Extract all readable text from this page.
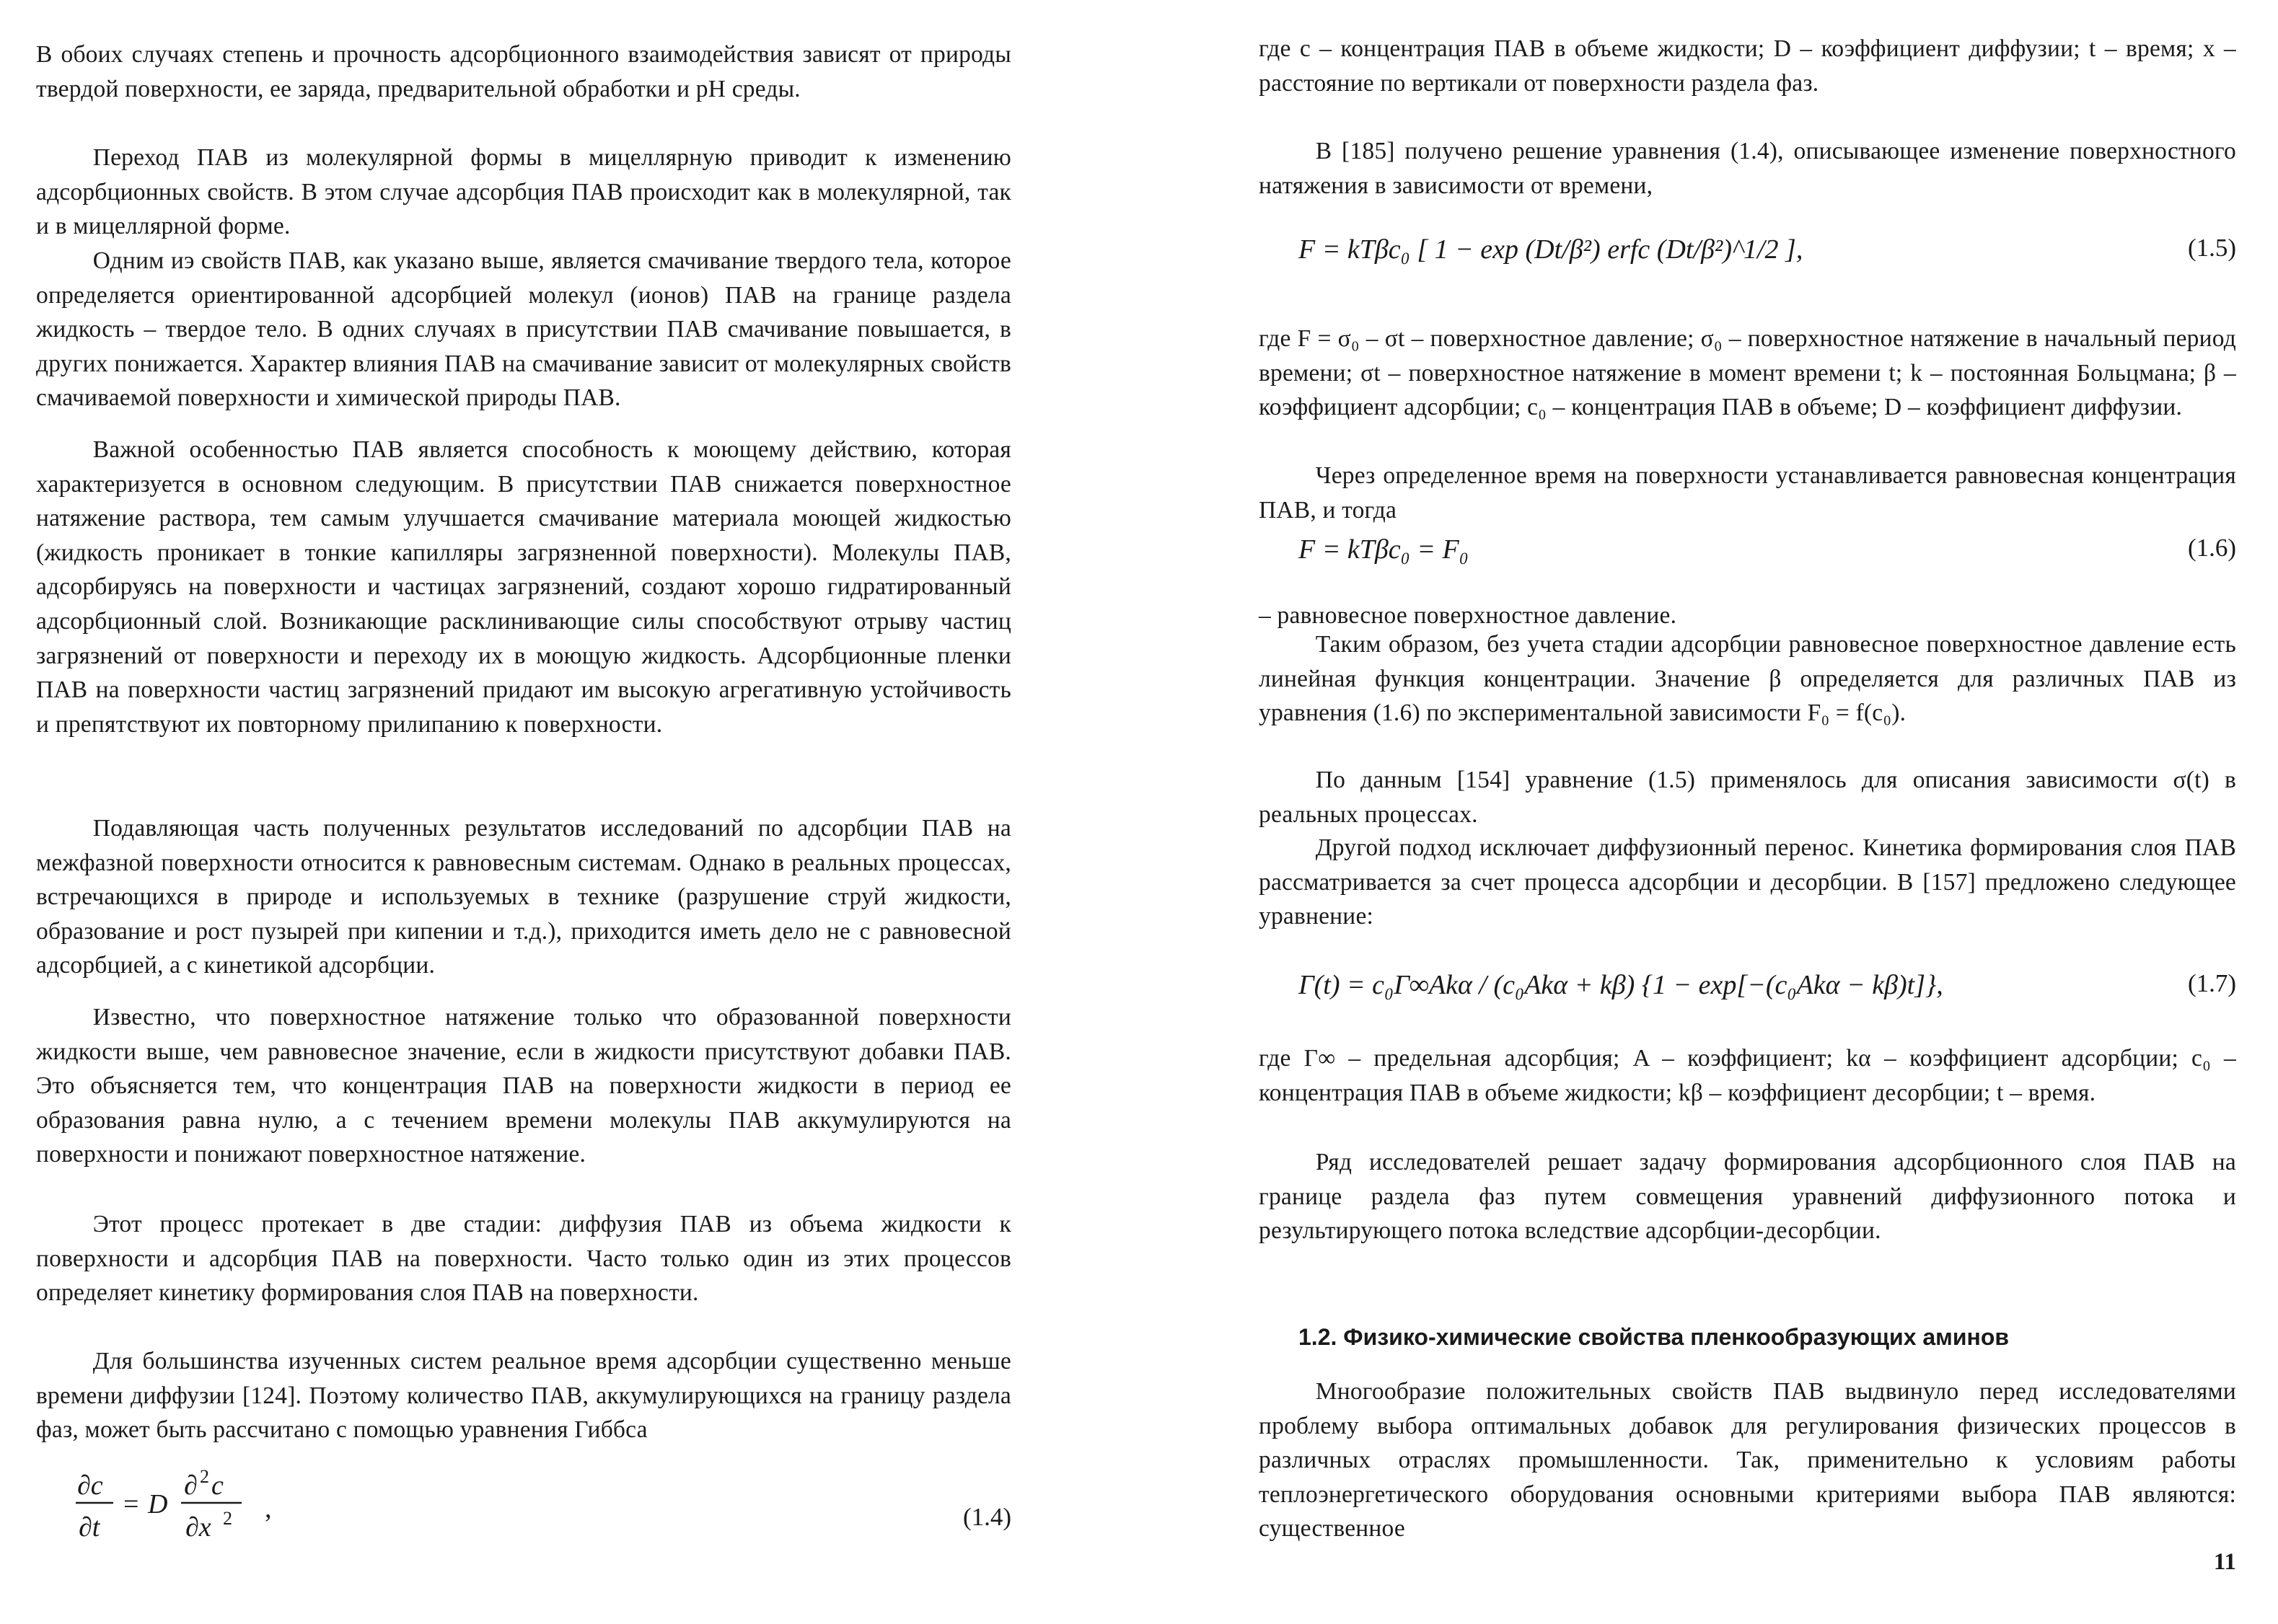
В обоих случаях степень и прочность адсорбционного взаимодействия зависят от природы твердой поверхности, ее заряда, предварительной обработки и pH среды.

Переход ПАВ из молекулярной формы в мицеллярную приводит к изменению адсорбционных свойств. В этом случае адсорбция ПАВ происходит как в молекулярной, так и в мицеллярной форме.

Одним иэ свойств ПАВ, как указано выше, является смачивание твердого тела, которое определяется ориентированной адсорбцией молекул (ионов) ПАВ на границе раздела жидкость – твердое тело. В одних случаях в присутствии ПАВ смачивание повышается, в других понижается. Характер влияния ПАВ на смачивание зависит от молекулярных свойств смачиваемой поверхности и химической природы ПАВ.

Важной особенностью ПАВ является способность к моющему действию, которая характеризуется в основном следующим. В присутствии ПАВ снижается поверхностное натяжение раствора, тем самым улучшается смачивание материала моющей жидкостью (жидкость проникает в тонкие капилляры загрязненной поверхности). Молекулы ПАВ, адсорбируясь на поверхности и частицах загрязнений, создают хорошо гидратированный адсорбционный слой. Возникающие расклинивающие силы способствуют отрыву частиц загрязнений от поверхности и переходу их в моющую жидкость. Адсорбционные пленки ПАВ на поверхности частиц загрязнений придают им высокую агрегативную устойчивость и препятствуют их повторному прилипанию к поверхности.

Подавляющая часть полученных результатов исследований по адсорбции ПАВ на межфазной поверхности относится к равновесным системам. Однако в реальных процессах, встречающихся в природе и используемых в технике (разрушение струй жидкости, образование и рост пузырей при кипении и т.д.), приходится иметь дело не с равновесной адсорбцией, а с кинетикой адсорбции.

Известно, что поверхностное натяжение только что образованной поверхности жидкости выше, чем равновесное значение, если в жидкости присутствуют добавки ПАВ. Это объясняется тем, что концентрация ПАВ на поверхности жидкости в период ее образования равна нулю, а с течением времени молекулы ПАВ аккумулируются на поверхности и понижают поверхностное натяжение.

Этот процесс протекает в две стадии: диффузия ПАВ из объема жидкости к поверхности и адсорбция ПАВ на поверхности. Часто только один из этих процессов определяет кинетику формирования слоя ПАВ на поверхности.

Для большинства изученных систем реальное время адсорбции существенно меньше времени диффузии [124]. Поэтому количество ПАВ, аккумулирующихся на границу раздела фаз, может быть рассчитано с помощью уравнения Гиббса

∂c
∂t
= D
∂ 2 c
∂x 2 ,	(1.4)

где c – концентрация ПАВ в объеме жидкости; D – коэффициент диффузии; t – время; x – расстояние по вертикали от поверхности раздела фаз.

В [185] получено решение уравнения (1.4), описывающее изменение поверхностного натяжения в зависимости от времени,

F = kTβc₀ [ 1 − exp (Dt/β²) erfc (Dt/β²)^1/2 ],	(1.5)

где F = σ₀ – σt – поверхностное давление; σ₀ – поверхностное натяжение в начальный период времени; σt – поверхностное натяжение в момент времени t; k – постоянная Больцмана; β – коэффициент адсорбции; c₀ – концентрация ПАВ в объеме; D – коэффициент диффузии.

Через определенное время на поверхности устанавливается равновесная концентрация ПАВ, и тогда

F = kTβc₀ = F₀	(1.6)

– равновесное поверхностное давление.

Таким образом, без учета стадии адсорбции равновесное поверхностное давление есть линейная функция концентрации. Значение β определяется для различных ПАВ из уравнения (1.6) по экспериментальной зависимости F₀ = f(c₀).

По данным [154] уравнение (1.5) применялось для описания зависимости σ(t) в реальных процессах.

Другой подход исключает диффузионный перенос. Кинетика формирования слоя ПАВ рассматривается за счет процесса адсорбции и десорбции. В [157] предложено следующее уравнение:

Γ(t) = c₀Γ∞Akα / (c₀Akα + kβ) {1 − exp[−(c₀Akα − kβ)t]},	(1.7)

где Γ∞ – предельная адсорбция; A – коэффициент; kα – коэффициент адсорбции; c₀ – концентрация ПАВ в объеме жидкости; kβ – коэффициент десорбции; t – время.

Ряд исследователей решает задачу формирования адсорбционного слоя ПАВ на границе раздела фаз путем совмещения уравнений диффузионного потока и результирующего потока вследствие адсорбции-десорбции.

1.2. Физико-химические свойства пленкообразующих аминов

Многообразие положительных свойств ПАВ выдвинуло перед исследователями проблему выбора оптимальных добавок для регулирования физических процессов в различных отраслях промышленности. Так, применительно к условиям работы теплоэнергетического оборудования основными критериями выбора ПАВ являются: существенное

11
